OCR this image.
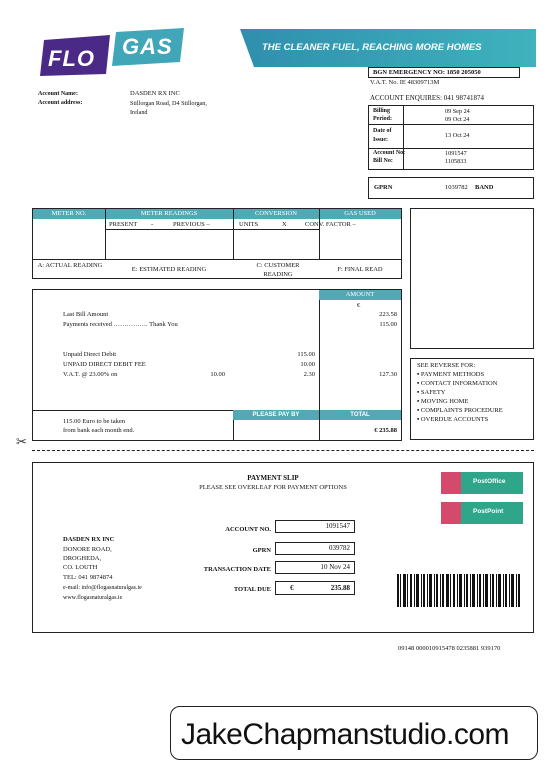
FLO GAS	THE CLEANER FUEL, REACHING MORE HOMES
BGN EMERGENCY NO: 1850 205050
V.A.T. No. IE 48309713M
ACCOUNT ENQUIRES: 041 98741874
Account Name:	DASDEN RX INC
Account address:	Stillorgan Road, D4 Stillorgan,
Ireland	Billing	09 Sep 24
Period:	09 Oct 24
Date of Issue:
13 Oct 24
Account No:	1091547
Bill No:	1105833
GPRN	1039782 BAND
METER NO.	METER READINGS	CONVERSION	GAS USED
PRESENT -	PREVIOUS –	UNITS	X	CONV. FACTOR –
A: ACTUAL READING
E: ESTIMATED READING
C: CUSTOMER READING
F: FINAL READ
AMOUNT
€
Last Bill Amount	223.58
Payments received ……………. Thank You	115.00
Unpaid Direct Debit	115.00
UNPAID DIRECT DEBIT FEE	10.00
V.A.T. @ 23.00% on	10.00	2.30	127.30
PLEASE PAY BY	TOTAL
115.00 Euro to be taken
from bank each month end.	€ 235.88
SEE REVERSE FOR:
▪ PAYMENT METHODS
▪ CONTACT INFORMATION
▪ SAFETY
▪ MOVING HOME
▪ COMPLAINTS PROCEDURE
▪ OVERDUE ACCOUNTS
✂
PAYMENT SLIP
PLEASE SEE OVERLEAF FOR PAYMENT OPTIONS
PostOffice
PostPoint
DASDEN RX INC
DONORE ROAD,
DROGHEDA,
CO. LOUTH
TEL: 041 9874874
e-mail: info@flogasnaturalgas.ie
www.flogasnaturalgas.ie
ACCOUNT NO.	1091547
GPRN	039782
TRANSACTION DATE	10 Nov 24
TOTAL DUE	€	235.88
09148 000010915478 0235881 939170
JakeChapmanstudio.com
